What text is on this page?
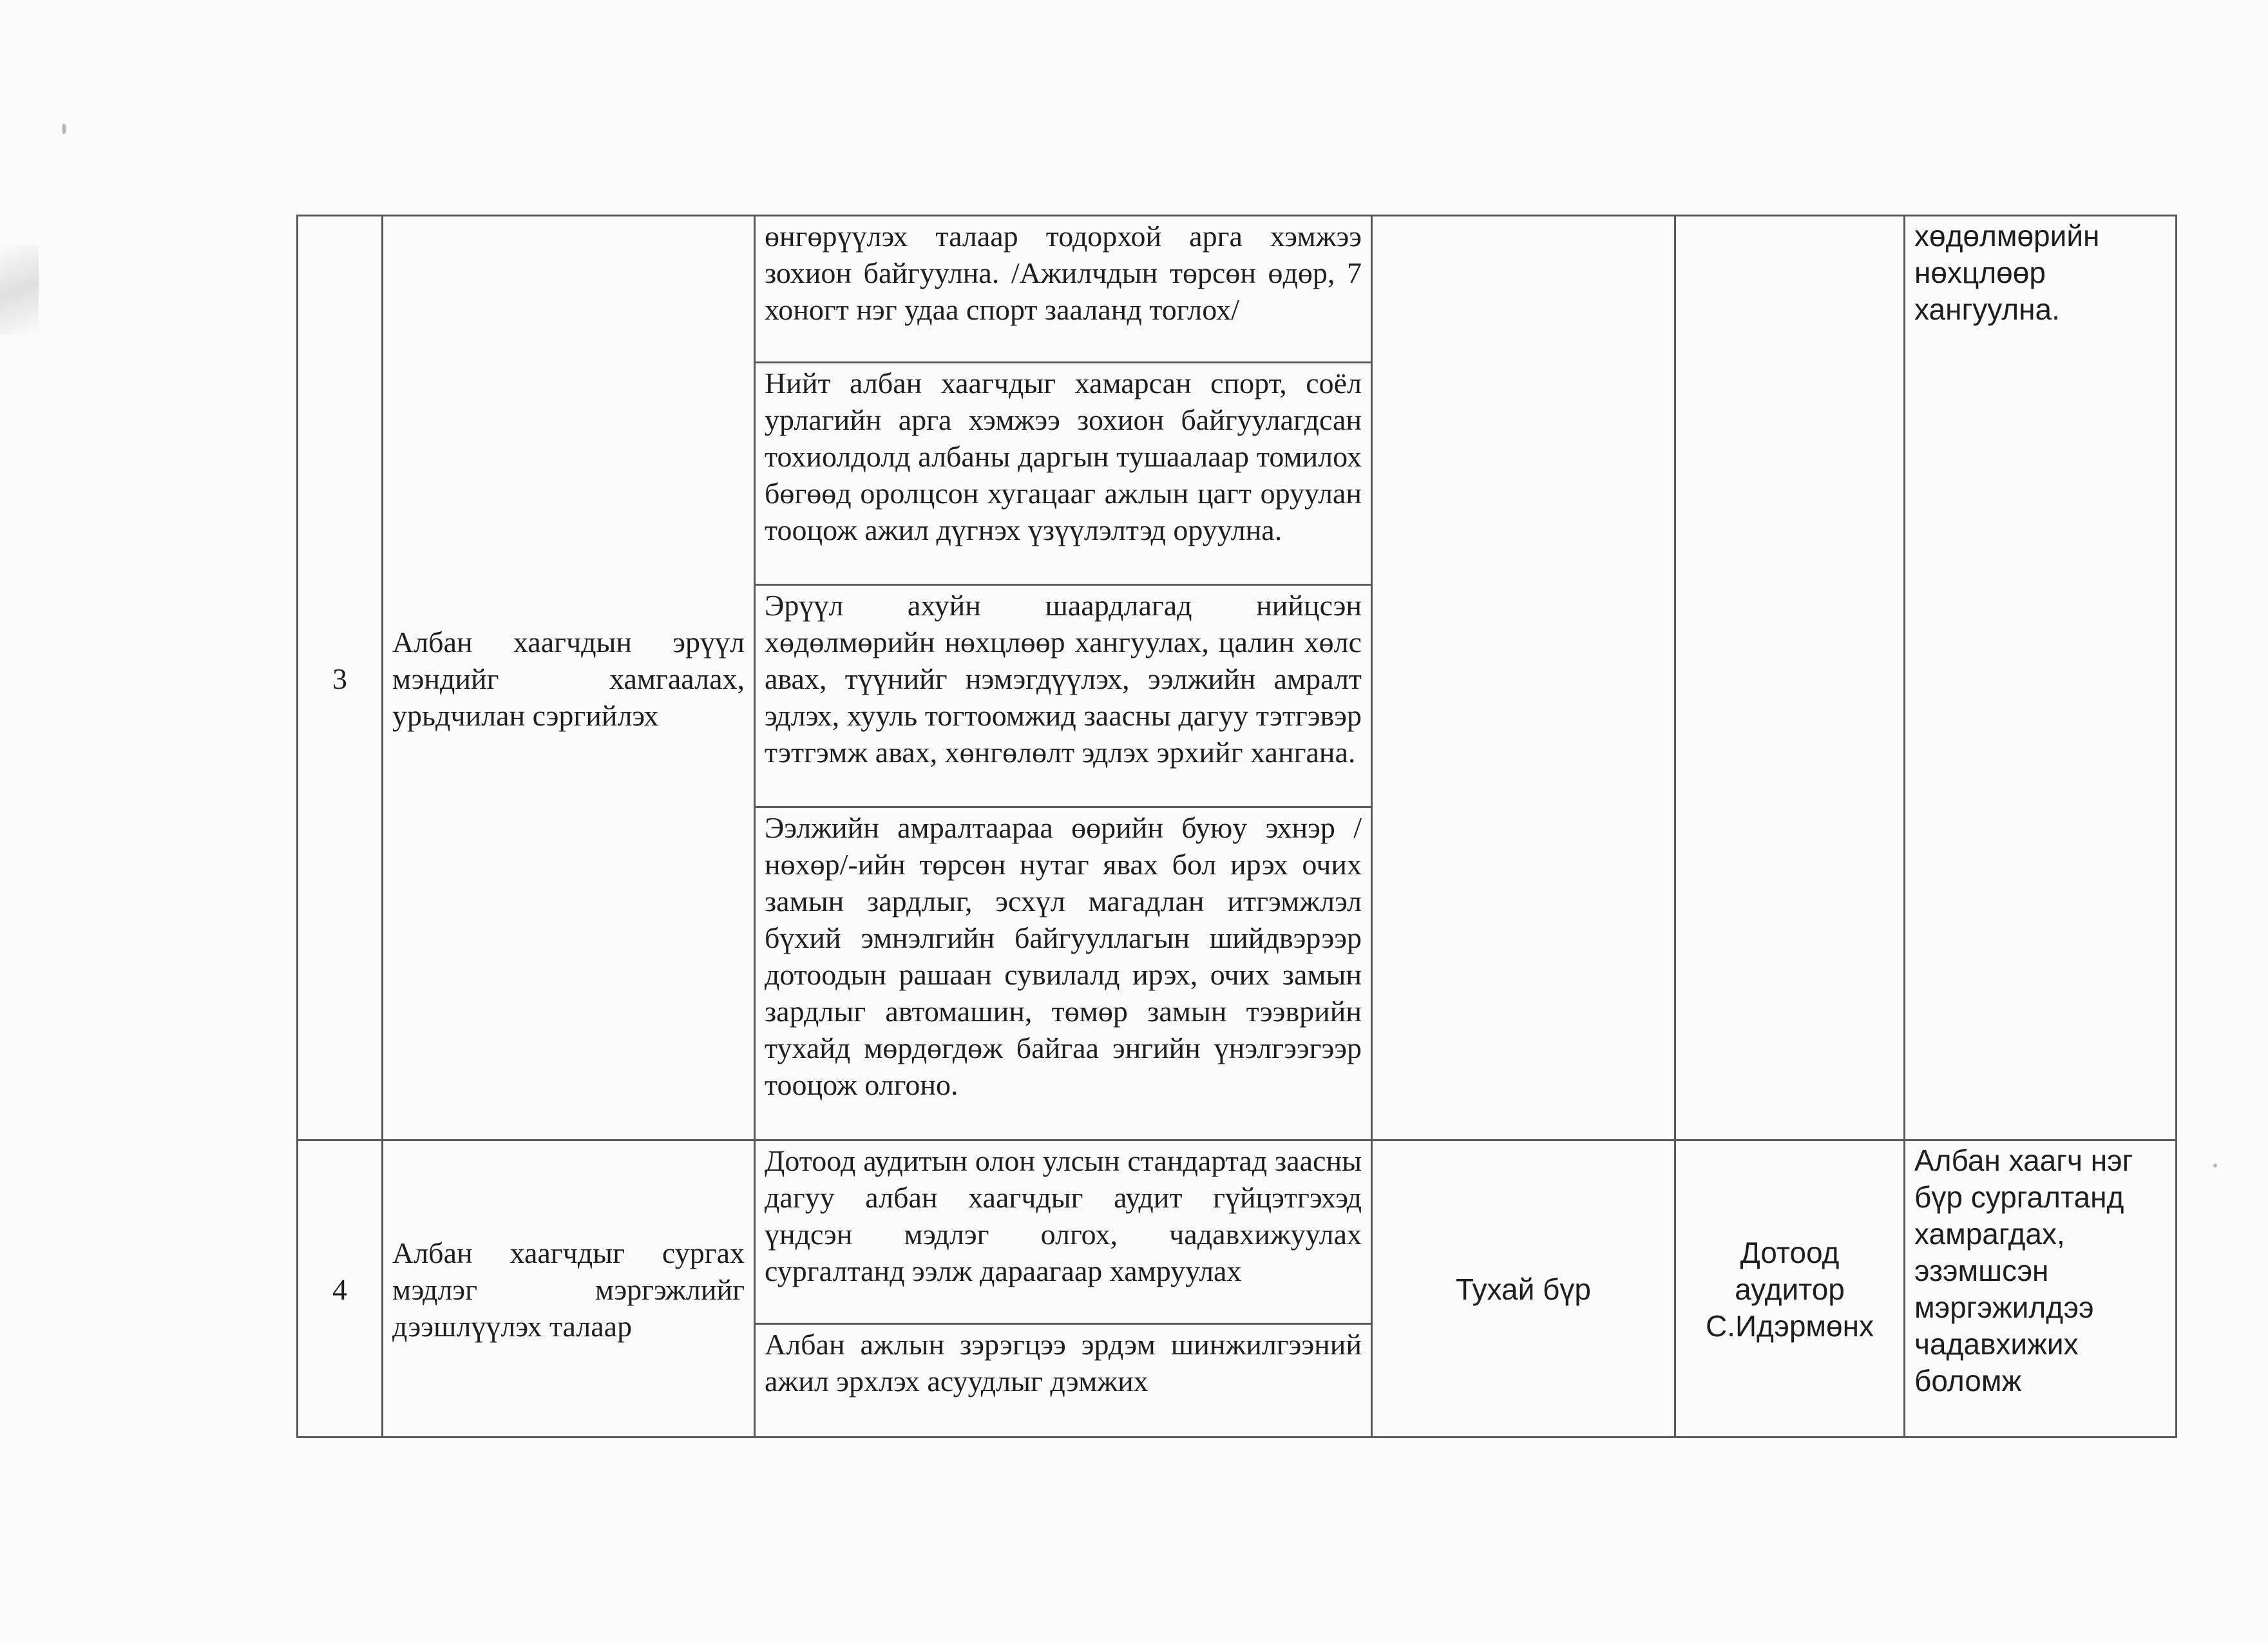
3	Албан хаагчдын эрүүл мэндийг хамгаалах, урьдчилан сэргийлэх	өнгөрүүлэх талаар тодорхой арга хэмжээ зохион байгуулна. /Ажилчдын төрсөн өдөр, 7 хоногт нэг удаа спорт зааланд тоглох/			хөдөлмөрийн нөхцлөөр хангуулна.
		Нийт албан хаагчдыг хамарсан спорт, соёл урлагийн арга хэмжээ зохион байгуулагдсан тохиолдолд албаны даргын тушаалаар томилох бөгөөд оролцсон хугацааг ажлын цагт оруулан тооцож ажил дүгнэх үзүүлэлтэд оруулна.			
		Эрүүл ахуйн шаардлагад нийцсэн хөдөлмөрийн нөхцлөөр хангуулах, цалин хөлс авах, түүнийг нэмэгдүүлэх, ээлжийн амралт эдлэх, хууль тогтоомжид заасны дагуу тэтгэвэр тэтгэмж авах, хөнгөлөлт эдлэх эрхийг хангана.			
		Ээлжийн амралтаараа өөрийн буюу эхнэр /нөхөр/-ийн төрсөн нутаг явах бол ирэх очих замын зардлыг, эсхүл магадлан итгэмжлэл бүхий эмнэлгийн байгууллагын шийдвэрээр дотоодын рашаан сувилалд ирэх, очих замын зардлыг автомашин, төмөр замын тээврийн тухайд мөрдөгдөж байгаа энгийн үнэлгээгээр тооцож олгоно.			
4	Албан хаагчдыг сургах мэдлэг мэргэжлийг дээшлүүлэх талаар	Дотоод аудитын олон улсын стандартад заасны дагуу албан хаагчдыг аудит гүйцэтгэхэд үндсэн мэдлэг олгох, чадавхижуулах сургалтанд ээлж дараагаар хамруулах	Тухай бүр	Дотоод аудитор С.Идэрмөнх	Албан хаагч нэг бүр сургалтанд хамрагдах, эзэмшсэн мэргэжилдээ чадавхижих боломж
		Албан ажлын зэрэгцээ эрдэм шинжилгээний ажил эрхлэх асуудлыг дэмжих			
